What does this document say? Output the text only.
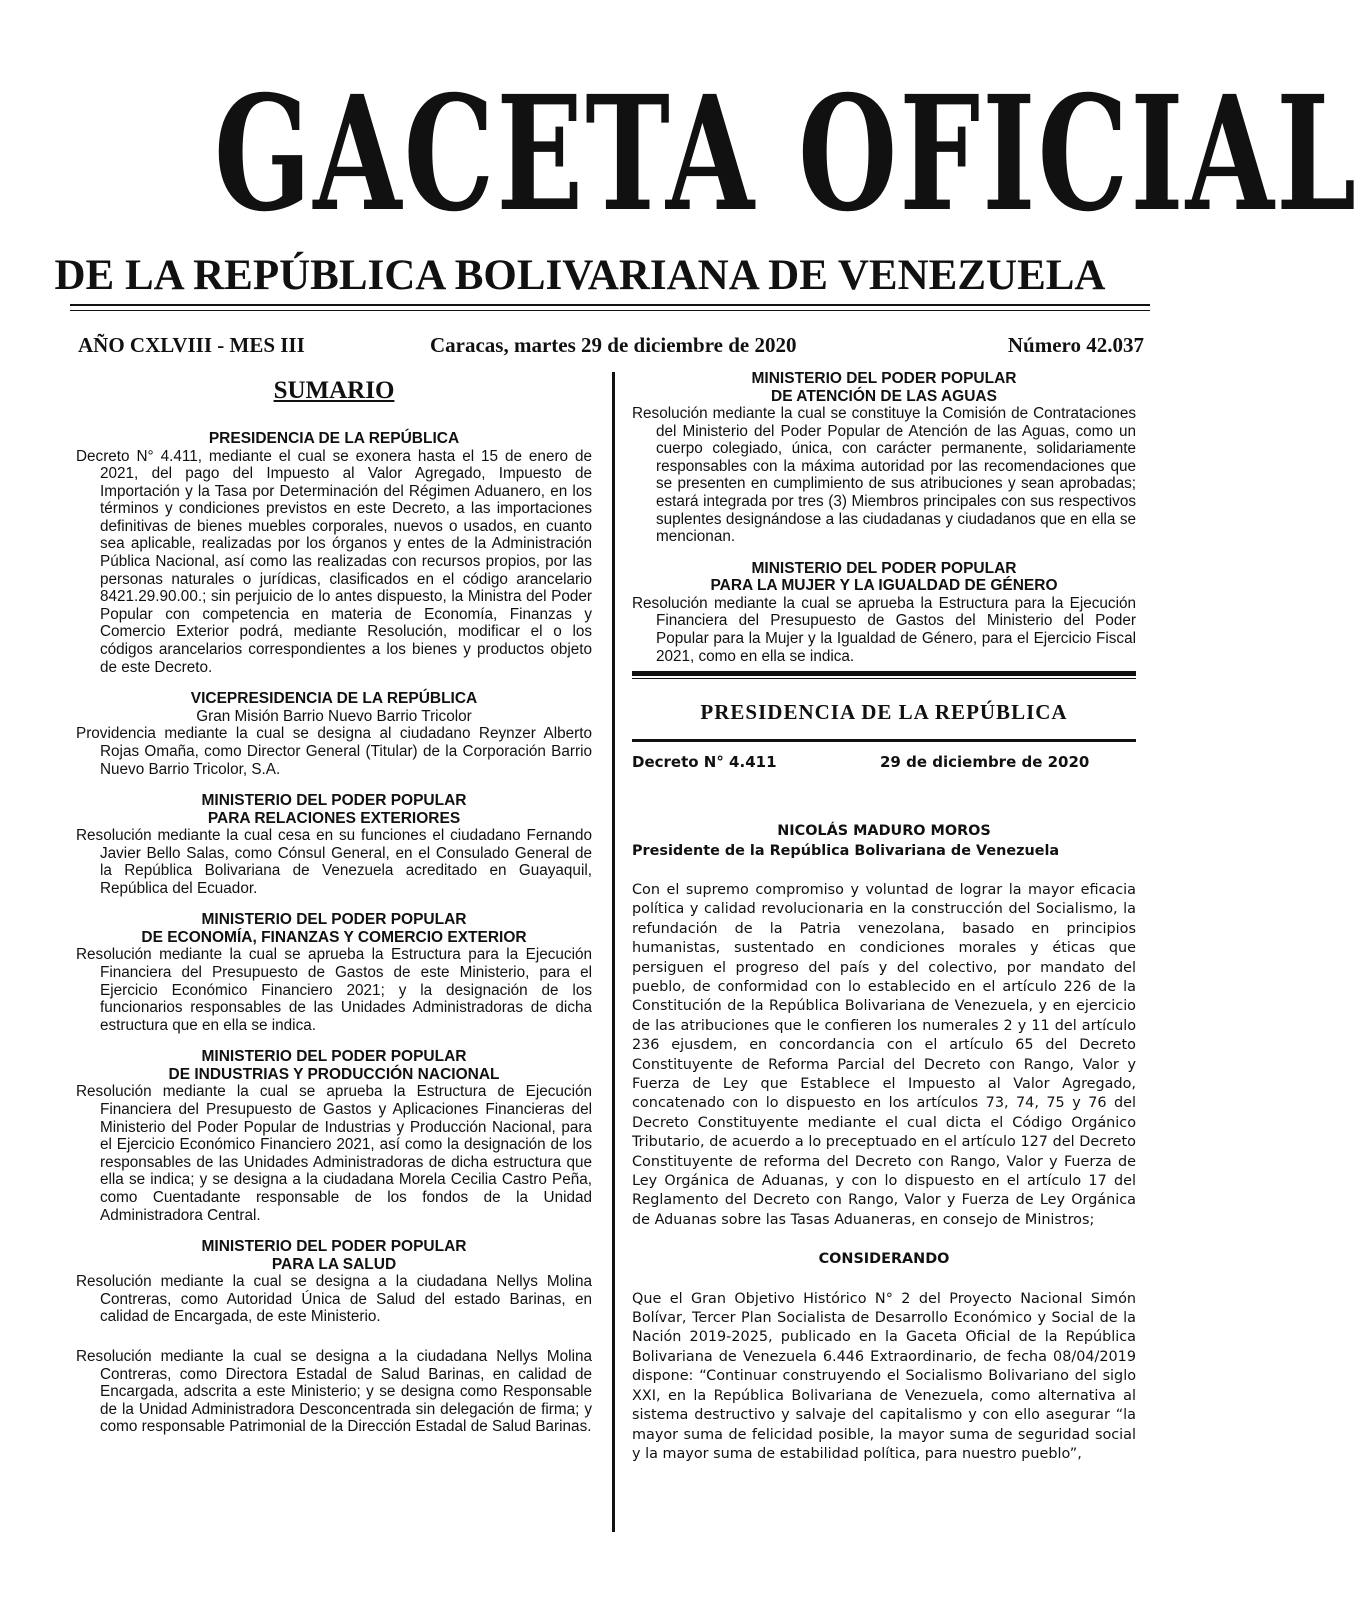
GACETA OFICIAL
DE LA REPÚBLICA BOLIVARIANA DE VENEZUELA
AÑO CXLVIII - MES III	Caracas, martes 29 de diciembre de 2020	Número 42.037
SUMARIO

PRESIDENCIA DE LA REPÚBLICA

Decreto N° 4.411, mediante el cual se exonera hasta el 15 de enero de 2021, del pago del Impuesto al Valor Agregado, Impuesto de Importación y la Tasa por Determinación del Régimen Aduanero, en los términos y condiciones previstos en este Decreto, a las importaciones definitivas de bienes muebles corporales, nuevos o usados, en cuanto sea aplicable, realizadas por los órganos y entes de la Administración Pública Nacional, así como las realizadas con recursos propios, por las personas naturales o jurídicas, clasificados en el código arancelario 8421.29.90.00.; sin perjuicio de lo antes dispuesto, la Ministra del Poder Popular con competencia en materia de Economía, Finanzas y Comercio Exterior podrá, mediante Resolución, modificar el o los códigos arancelarios correspondientes a los bienes y productos objeto de este Decreto.

VICEPRESIDENCIA DE LA REPÚBLICA

Gran Misión Barrio Nuevo Barrio Tricolor

Providencia mediante la cual se designa al ciudadano Reynzer Alberto Rojas Omaña, como Director General (Titular) de la Corporación Barrio Nuevo Barrio Tricolor, S.A.

MINISTERIO DEL PODER POPULAR

PARA RELACIONES EXTERIORES

Resolución mediante la cual cesa en su funciones el ciudadano Fernando Javier Bello Salas, como Cónsul General, en el Consulado General de la República Bolivariana de Venezuela acreditado en Guayaquil, República del Ecuador.

MINISTERIO DEL PODER POPULAR

DE ECONOMÍA, FINANZAS Y COMERCIO EXTERIOR

Resolución mediante la cual se aprueba la Estructura para la Ejecución Financiera del Presupuesto de Gastos de este Ministerio, para el Ejercicio Económico Financiero 2021; y la designación de los funcionarios responsables de las Unidades Administradoras de dicha estructura que en ella se indica.

MINISTERIO DEL PODER POPULAR

DE INDUSTRIAS Y PRODUCCIÓN NACIONAL

Resolución mediante la cual se aprueba la Estructura de Ejecución Financiera del Presupuesto de Gastos y Aplicaciones Financieras del Ministerio del Poder Popular de Industrias y Producción Nacional, para el Ejercicio Económico Financiero 2021, así como la designación de los responsables de las Unidades Administradoras de dicha estructura que ella se indica; y se designa a la ciudadana Morela Cecilia Castro Peña, como Cuentadante responsable de los fondos de la Unidad Administradora Central.

MINISTERIO DEL PODER POPULAR

PARA LA SALUD

Resolución mediante la cual se designa a la ciudadana Nellys Molina Contreras, como Autoridad Única de Salud del estado Barinas, en calidad de Encargada, de este Ministerio.

Resolución mediante la cual se designa a la ciudadana Nellys Molina Contreras, como Directora Estadal de Salud Barinas, en calidad de Encargada, adscrita a este Ministerio; y se designa como Responsable de la Unidad Administradora Desconcentrada sin delegación de firma; y como responsable Patrimonial de la Dirección Estadal de Salud Barinas.

MINISTERIO DEL PODER POPULAR

DE ATENCIÓN DE LAS AGUAS

Resolución mediante la cual se constituye la Comisión de Contrataciones del Ministerio del Poder Popular de Atención de las Aguas, como un cuerpo colegiado, única, con carácter permanente, solidariamente responsables con la máxima autoridad por las recomendaciones que se presenten en cumplimiento de sus atribuciones y sean aprobadas; estará integrada por tres (3) Miembros principales con sus respectivos suplentes designándose a las ciudadanas y ciudadanos que en ella se mencionan.

MINISTERIO DEL PODER POPULAR

PARA LA MUJER Y LA IGUALDAD DE GÉNERO

Resolución mediante la cual se aprueba la Estructura para la Ejecución Financiera del Presupuesto de Gastos del Ministerio del Poder Popular para la Mujer y la Igualdad de Género, para el Ejercicio Fiscal 2021, como en ella se indica.

PRESIDENCIA DE LA REPÚBLICA
Decreto N° 4.411	29 de diciembre de 2020

NICOLÁS MADURO MOROS

Presidente de la República Bolivariana de Venezuela

Con el supremo compromiso y voluntad de lograr la mayor eficacia política y calidad revolucionaria en la construcción del Socialismo, la refundación de la Patria venezolana, basado en principios humanistas, sustentado en condiciones morales y éticas que persiguen el progreso del país y del colectivo, por mandato del pueblo, de conformidad con lo establecido en el artículo 226 de la Constitución de la República Bolivariana de Venezuela, y en ejercicio de las atribuciones que le confieren los numerales 2 y 11 del artículo 236 ejusdem, en concordancia con el artículo 65 del Decreto Constituyente de Reforma Parcial del Decreto con Rango, Valor y Fuerza de Ley que Establece el Impuesto al Valor Agregado, concatenado con lo dispuesto en los artículos 73, 74, 75 y 76 del Decreto Constituyente mediante el cual dicta el Código Orgánico Tributario, de acuerdo a lo preceptuado en el artículo 127 del Decreto Constituyente de reforma del Decreto con Rango, Valor y Fuerza de Ley Orgánica de Aduanas, y con lo dispuesto en el artículo 17 del Reglamento del Decreto con Rango, Valor y Fuerza de Ley Orgánica de Aduanas sobre las Tasas Aduaneras, en consejo de Ministros;

CONSIDERANDO

Que el Gran Objetivo Histórico N° 2 del Proyecto Nacional Simón Bolívar, Tercer Plan Socialista de Desarrollo Económico y Social de la Nación 2019-2025, publicado en la Gaceta Oficial de la República Bolivariana de Venezuela 6.446 Extraordinario, de fecha 08/04/2019 dispone: “Continuar construyendo el Socialismo Bolivariano del siglo XXI, en la República Bolivariana de Venezuela, como alternativa al sistema destructivo y salvaje del capitalismo y con ello asegurar “la mayor suma de felicidad posible, la mayor suma de seguridad social y la mayor suma de estabilidad política, para nuestro pueblo”,
